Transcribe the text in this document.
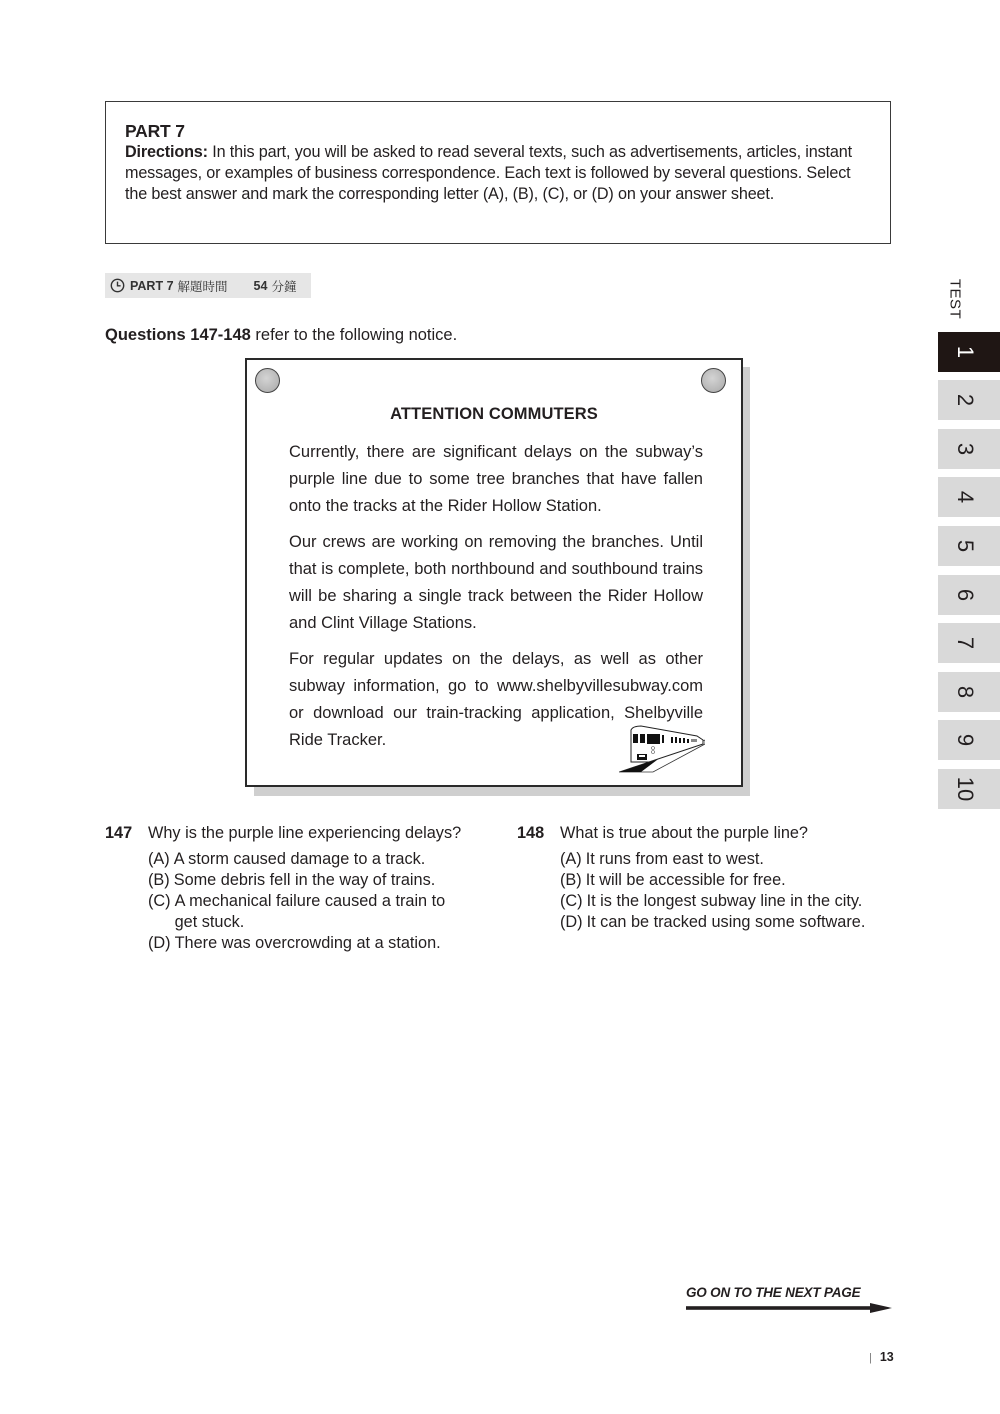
PART 7
Directions: In this part, you will be asked to read several texts, such as advertisements, articles, instant messages, or examples of business correspondence. Each text is followed by several questions. Select the best answer and mark the corresponding letter (A), (B), (C), or (D) on your answer sheet.
PART 7 解題時間 54 分鐘
Questions 147-148 refer to the following notice.
ATTENTION COMMUTERS

Currently, there are significant delays on the subway’s purple line due to some tree branches that have fallen onto the tracks at the Rider Hollow Station.

Our crews are working on removing the branches. Until that is complete, both northbound and southbound trains will be sharing a single track between the Rider Hollow and Clint Village Stations.

For regular updates on the delays, as well as other subway information, go to www.shelbyvillesubway.com or download our train-tracking application, Shelbyville Ride Tracker.

147 Why is the purple line experiencing delays?
(A) A storm caused damage to a track.
(B) Some debris fell in the way of trains.
(C) A mechanical failure caused a train to get stuck.
(D) There was overcrowding at a station.
148 What is true about the purple line?
(A) It runs from east to west.
(B) It will be accessible for free.
(C) It is the longest subway line in the city.
(D) It can be tracked using some software.
TEST
1
2
3
4
5
6
7
8
9
10
GO ON TO THE NEXT PAGE
| 13
